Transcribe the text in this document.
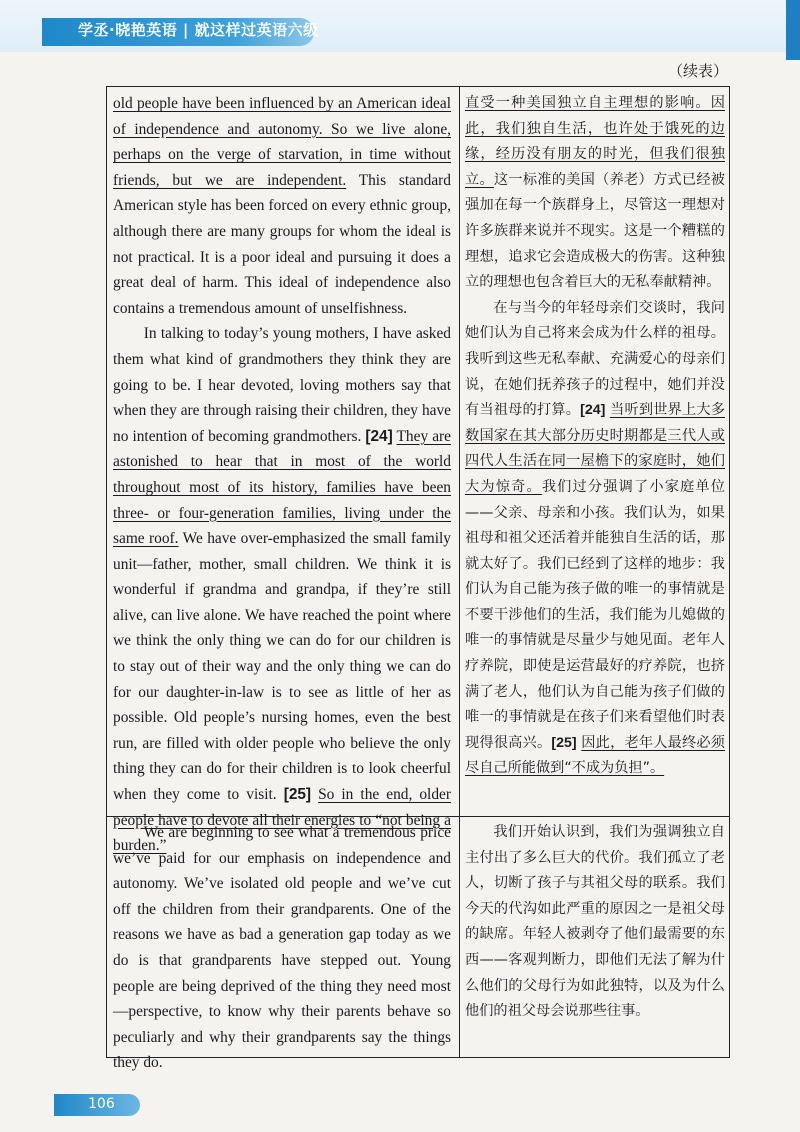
学丞·晓艳英语 | 就这样过英语六级
（续表）

old people have been influenced by an American ideal of independence and autonomy. So we live alone, perhaps on the verge of starvation, in time without friends, but we are independent. This standard American style has been forced on every ethnic group, although there are many groups for whom the ideal is not practical. It is a poor ideal and pursuing it does a great deal of harm. This ideal of independence also contains a tremendous amount of unselfishness.

In talking to today’s young mothers, I have asked them what kind of grandmothers they think they are going to be. I hear devoted, loving mothers say that when they are through raising their children, they have no intention of becoming grandmothers. [24] They are astonished to hear that in most of the world throughout most of its history, families have been three- or four-generation families, living under the same roof. We have over-emphasized the small family unit—father, mother, small children. We think it is wonderful if grandma and grandpa, if they’re still alive, can live alone. We have reached the point where we think the only thing we can do for our children is to stay out of their way and the only thing we can do for our daughter-in-law is to see as little of her as possible. Old people’s nursing homes, even the best run, are filled with older people who believe the only thing they can do for their children is to look cheerful when they come to visit. [25] So in the end, older people have to devote all their energies to “not being a burden.”

直受一种美国独立自主理想的影响。因此，我们独自生活，也许处于饿死的边缘，经历没有朋友的时光，但我们很独立。这一标准的美国（养老）方式已经被强加在每一个族群身上，尽管这一理想对许多族群来说并不现实。这是一个糟糕的理想，追求它会造成极大的伤害。这种独立的理想也包含着巨大的无私奉献精神。

在与当今的年轻母亲们交谈时，我问她们认为自己将来会成为什么样的祖母。我听到这些无私奉献、充满爱心的母亲们说，在她们抚养孩子的过程中，她们并没有当祖母的打算。[24] 当听到世界上大多数国家在其大部分历史时期都是三代人或四代人生活在同一屋檐下的家庭时，她们大为惊奇。我们过分强调了小家庭单位——父亲、母亲和小孩。我们认为，如果祖母和祖父还活着并能独自生活的话，那就太好了。我们已经到了这样的地步：我们认为自己能为孩子做的唯一的事情就是不要干涉他们的生活，我们能为儿媳做的唯一的事情就是尽量少与她见面。老年人疗养院，即使是运营最好的疗养院，也挤满了老人，他们认为自己能为孩子们做的唯一的事情就是在孩子们来看望他们时表现得很高兴。[25] 因此，老年人最终必须尽自己所能做到“不成为负担”。

We are beginning to see what a tremendous price we’ve paid for our emphasis on independence and autonomy. We’ve isolated old people and we’ve cut off the children from their grandparents. One of the reasons we have as bad a generation gap today as we do is that grandparents have stepped out. Young people are being deprived of the thing they need most—perspective, to know why their parents behave so peculiarly and why their grandparents say the things they do.

我们开始认识到，我们为强调独立自主付出了多么巨大的代价。我们孤立了老人，切断了孩子与其祖父母的联系。我们今天的代沟如此严重的原因之一是祖父母的缺席。年轻人被剥夺了他们最需要的东西——客观判断力，即他们无法了解为什么他们的父母行为如此独特，以及为什么他们的祖父母会说那些往事。

106
